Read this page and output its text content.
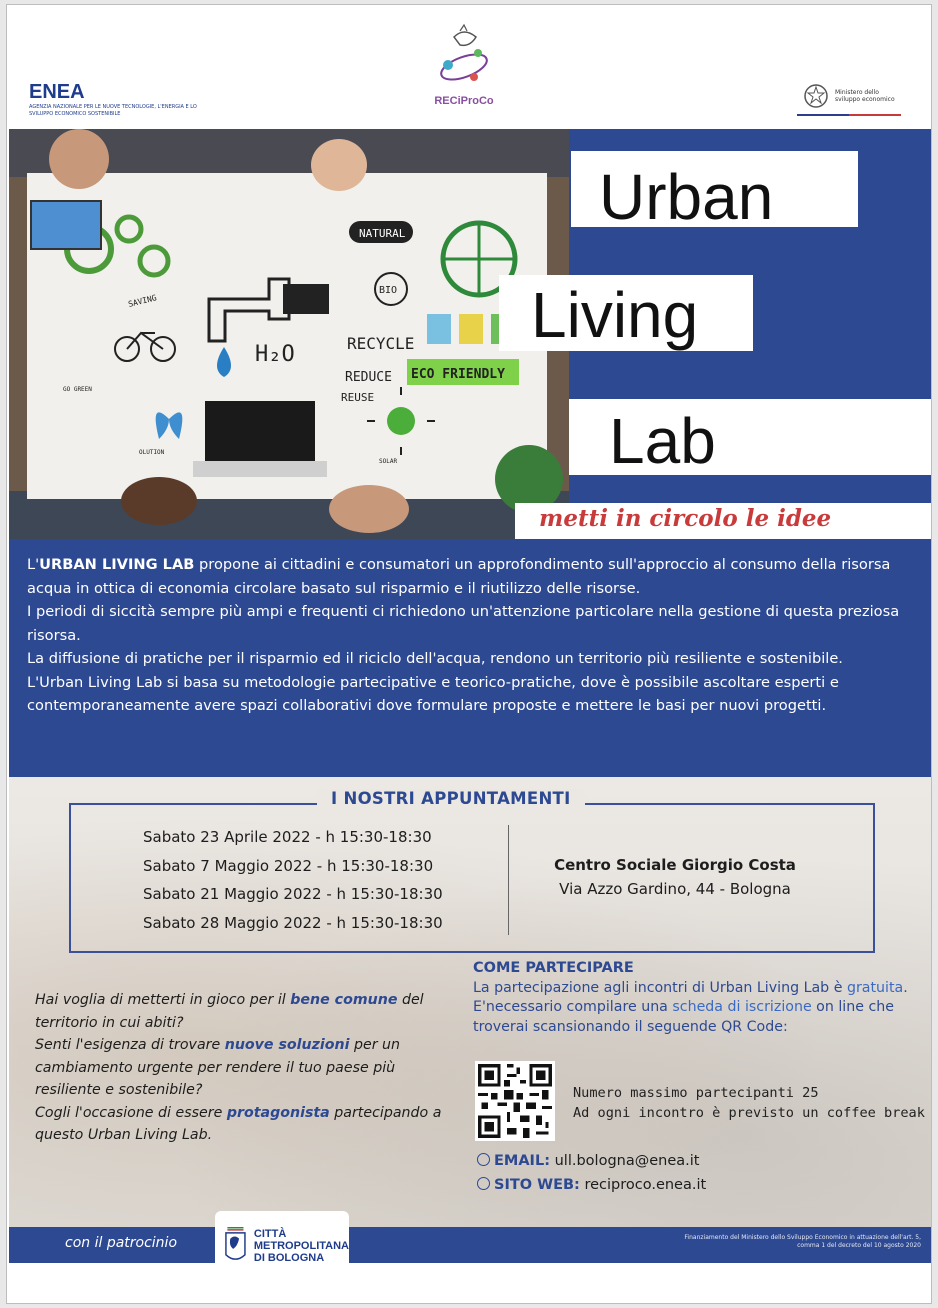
ENEA
AGENZIA NAZIONALE PER LE NUOVE TECNOLOGIE, L'ENERGIA E LO SVILUPPO ECONOMICO SOSTENIBILE
RECiProCo
Ministero dello sviluppo economico
NATURAL
BIO
H₂O	RECYCLE
REDUCE
REUSE
ECO FRIENDLY
SAVING
GO GREEN
SOLAR
OLUTION
Urban
Living
Lab
metti in circolo le idee

L'URBAN LIVING LAB propone ai cittadini e consumatori un approfondimento sull'approccio al consumo della risorsa acqua in ottica di economia circolare basato sul risparmio e il riutilizzo delle risorse.

I periodi di siccità sempre più ampi e frequenti ci richiedono un'attenzione particolare nella gestione di questa preziosa risorsa.

La diffusione di pratiche per il risparmio ed il riciclo dell'acqua, rendono un territorio più resiliente e sostenibile.

L'Urban Living Lab si basa su metodologie partecipative e teorico-pratiche, dove è possibile ascoltare esperti e contemporaneamente avere spazi collaborativi dove formulare proposte e mettere le basi per nuovi progetti.

I NOSTRI APPUNTAMENTI
Sabato 23 Aprile 2022 - h 15:30-18:30
Sabato 7 Maggio 2022 - h 15:30-18:30
Sabato 21 Maggio 2022 - h 15:30-18:30
Sabato 28 Maggio 2022 - h 15:30-18:30
Centro Sociale Giorgio Costa
Via Azzo Gardino, 44 - Bologna
Hai voglia di metterti in gioco per il bene comune del territorio in cui abiti?
Senti l'esigenza di trovare nuove soluzioni per un cambiamento urgente per rendere il tuo paese più resiliente e sostenibile?
Cogli l'occasione di essere protagonista partecipando a questo Urban Living Lab.
COME PARTECIPARE
La partecipazione agli incontri di Urban Living Lab è gratuita.
E'necessario compilare una scheda di iscrizione on line che troverai scansionando il seguende QR Code:
Numero massimo partecipanti 25
Ad ogni incontro è previsto un coffee break
EMAIL: ull.bologna@enea.it
SITO WEB: reciproco.enea.it
con il patrocinio	Finanziamento del Ministero dello Sviluppo Economico in attuazione dell'art. 5, comma 1 del decreto del 10 agosto 2020
CITTÀ
METROPOLITANA
DI BOLOGNA
